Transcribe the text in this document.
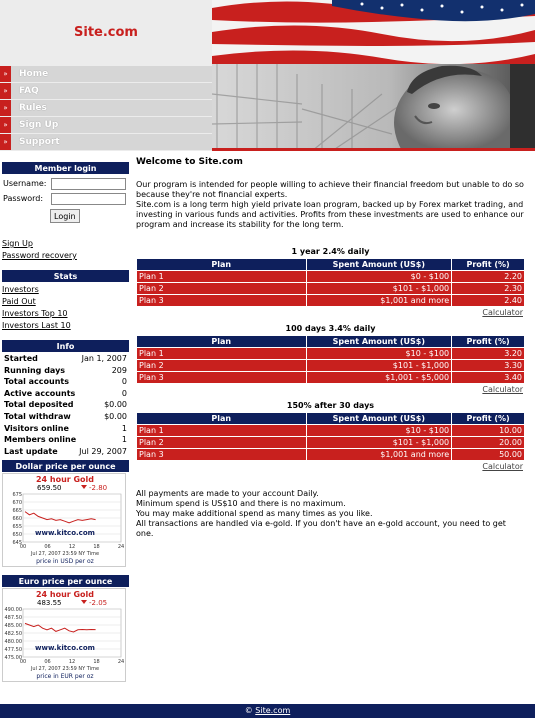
Site.com
»	Home
»	FAQ
»	Rules
»	Sign Up
»	Support
Member login
Username:
Password:
Login
Sign Up
Password recovery
Stats
Investors
Paid Out
Investors Top 10
Investors Last 10
Info
Started	Jan 1, 2007
Running days	209
Total accounts	0
Active accounts	0
Total deposited	$0.00
Total withdraw	$0.00
Visitors online	1
Members online	1
Last update	Jul 29, 2007
Dollar price per ounce
24 hour Gold
659.50	-2.80
675
670
665
660
655
650
645
00	06	12	18	24
www.kitco.com
Jul 27, 2007 23:59 NY Time
price in USD per oz
Euro price per ounce
24 hour Gold
483.55	-2.05
490.00
487.50
485.00
482.50
480.00
477.50
475.00
00	06	12	18	24
www.kitco.com
Jul 27, 2007 23:59 NY Time
price in EUR per oz
Welcome to Site.com
Our program is intended for people willing to achieve their financial freedom but unable to do so because they're not financial experts.
Site.com is a long term high yield private loan program, backed up by Forex market trading, and investing in various funds and activities. Profits from these investments are used to enhance our program and increase its stability for the long term.
1 year 2.4% daily
Plan	Spent Amount (US$)	Profit (%)
Plan 1	$0 - $100	2.20
Plan 2	$101 - $1,000	2.30
Plan 3	$1,001 and more	2.40
Calculator
100 days 3.4% daily
Plan	Spent Amount (US$)	Profit (%)
Plan 1	$10 - $100	3.20
Plan 2	$101 - $1,000	3.30
Plan 3	$1,001 - $5,000	3.40
Calculator
150% after 30 days
Plan	Spent Amount (US$)	Profit (%)
Plan 1	$10 - $100	10.00
Plan 2	$101 - $1,000	20.00
Plan 3	$1,001 and more	50.00
Calculator
All payments are made to your account Daily.
Minimum spend is US$10 and there is no maximum.
You may make additional spend as many times as you like.
All transactions are handled via e-gold. If you don't have an e-gold account, you need to get one.
© Site.com
